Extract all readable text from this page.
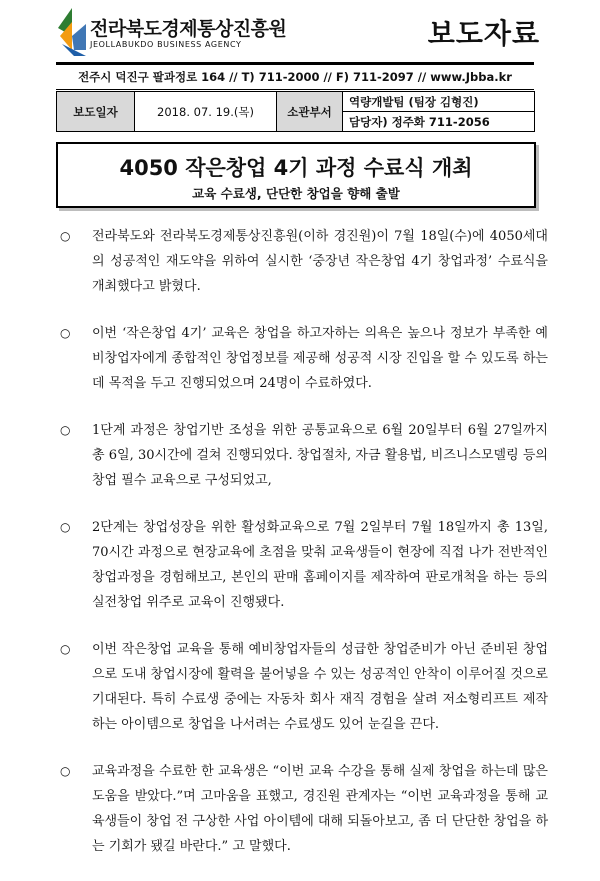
전라북도경제통상진흥원
JEOLLABUKDO BUSINESS AGENCY	보도자료
전주시 덕진구 팔과정로 164 // T) 711-2000 // F) 711-2097 // www.Jbba.kr
보도일자	2018. 07. 19.(목)	소관부서	역량개발팀 (팀장 김형진)
담당자) 정주화 711-2056
4050 작은창업 4기 과정 수료식 개최
교육 수료생, 단단한 창업을 향해 출발
○ 전라북도와 전라북도경제통상진흥원(이하 경진원)이 7월 18일(수)에 4050세대의 성공적인 재도약을 위하여 실시한 ‘중장년 작은창업 4기 창업과정’ 수료식을 개최했다고 밝혔다.
○ 이번 ‘작은창업 4기’ 교육은 창업을 하고자하는 의욕은 높으나 정보가 부족한 예비창업자에게 종합적인 창업정보를 제공해 성공적 시장 진입을 할 수 있도록 하는 데 목적을 두고 진행되었으며 24명이 수료하였다.
○ 1단계 과정은 창업기반 조성을 위한 공통교육으로 6월 20일부터 6월 27일까지 총 6일, 30시간에 걸쳐 진행되었다. 창업절차, 자금 활용법, 비즈니스모델링 등의 창업 필수 교육으로 구성되었고,
○ 2단계는 창업성장을 위한 활성화교육으로 7월 2일부터 7월 18일까지 총 13일, 70시간 과정으로 현장교육에 초점을 맞춰 교육생들이 현장에 직접 나가 전반적인 창업과정을 경험해보고, 본인의 판매 홈페이지를 제작하여 판로개척을 하는 등의 실전창업 위주로 교육이 진행됐다.
○ 이번 작은창업 교육을 통해 예비창업자들의 성급한 창업준비가 아닌 준비된 창업으로 도내 창업시장에 활력을 불어넣을 수 있는 성공적인 안착이 이루어질 것으로 기대된다. 특히 수료생 중에는 자동차 회사 재직 경험을 살려 저소형리프트 제작하는 아이템으로 창업을 나서려는 수료생도 있어 눈길을 끈다.
○ 교육과정을 수료한 한 교육생은 “이번 교육 수강을 통해 실제 창업을 하는데 많은 도움을 받았다.”며 고마움을 표했고, 경진원 관계자는 “이번 교육과정을 통해 교육생들이 창업 전 구상한 사업 아이템에 대해 되돌아보고, 좀 더 단단한 창업을 하는 기회가 됐길 바란다.” 고 말했다.
